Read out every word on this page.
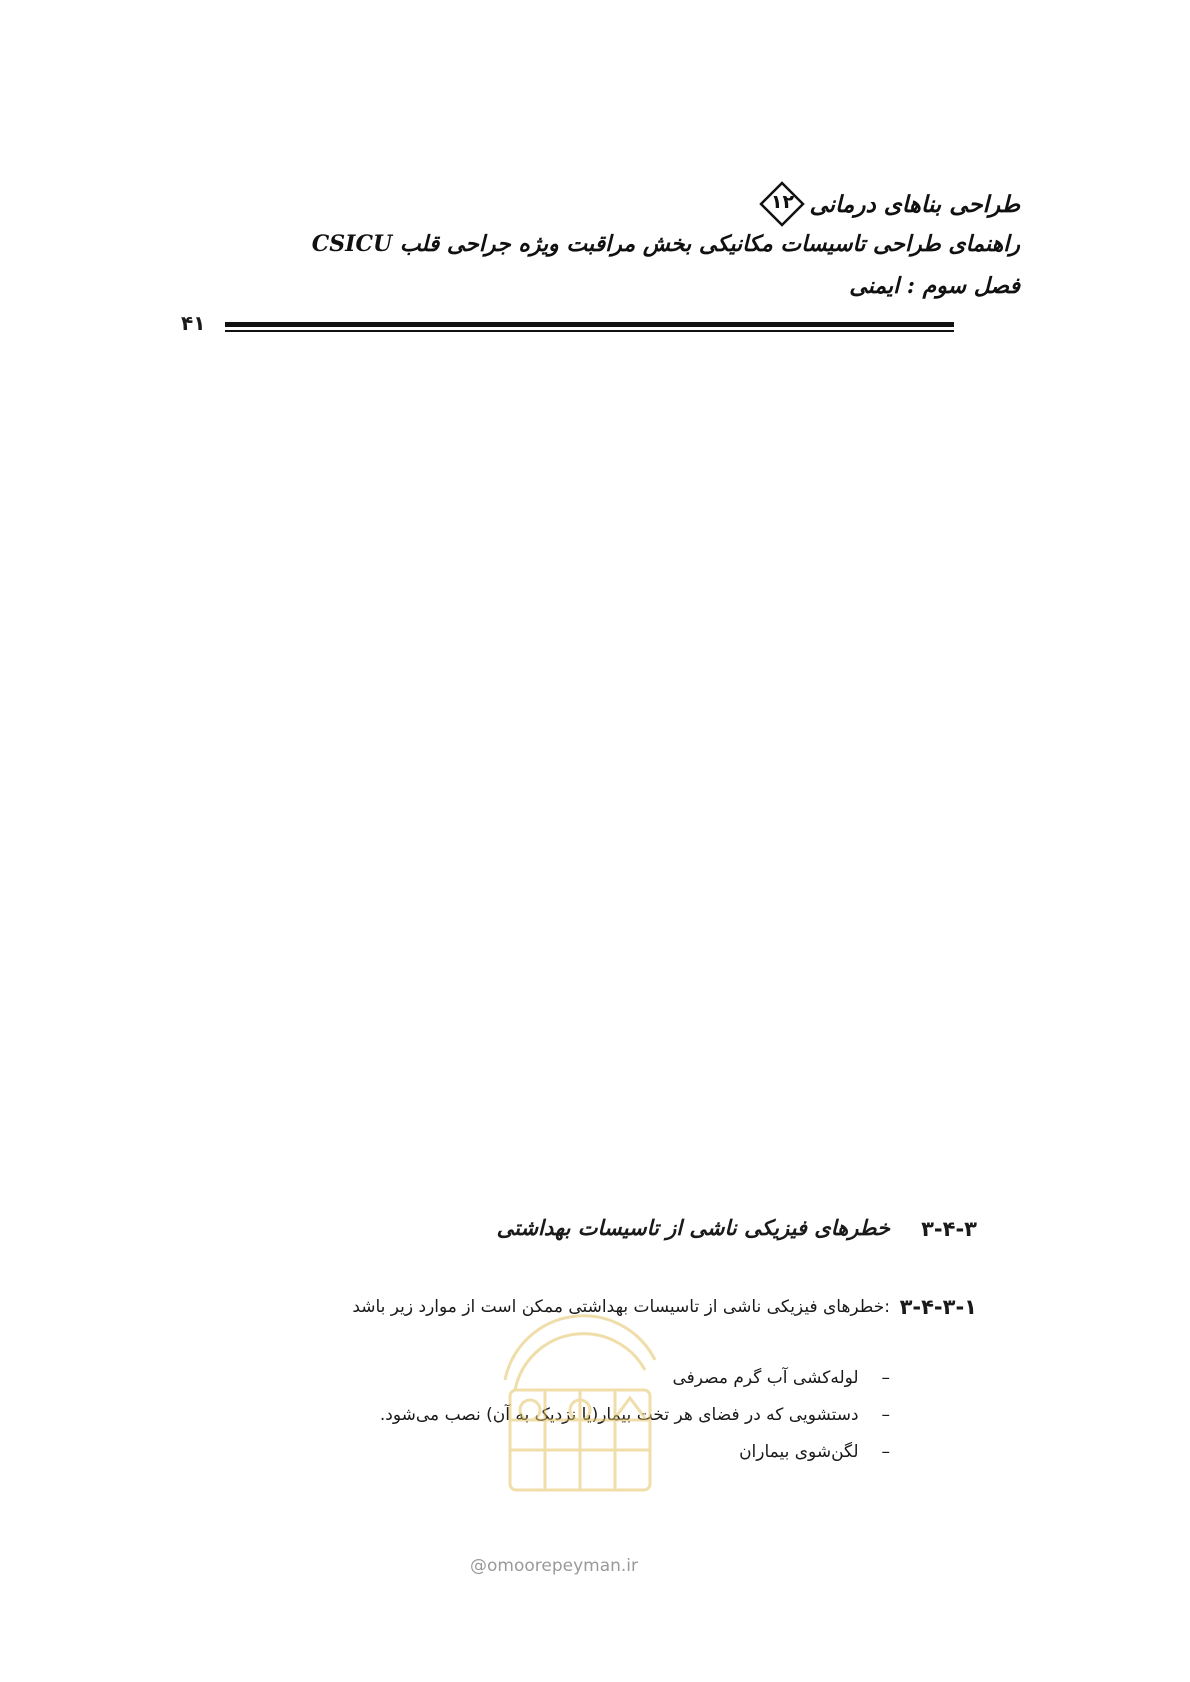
طراحی بناهای درمانی
۱۲
راهنمای طراحی تاسیسات مکانیکی بخش مراقبت ویژه جراحی قلب CSICU
فصل سوم : ایمنی
۴۱
۳-۴-۳
خطرهای فیزیکی ناشی از تاسیسات بهداشتی
۳-۴-۳-۱
خطرهای فیزیکی ناشی از تاسیسات بهداشتی ممکن است از موارد زیر باشد:
– لوله‌کشی آب گرم مصرفی
– دستشویی که در فضای هر تخت بیمار(یا نزدیک به آن) نصب می‌شود.
– لگن‌شوی بیماران
@omoorepeyman.ir
